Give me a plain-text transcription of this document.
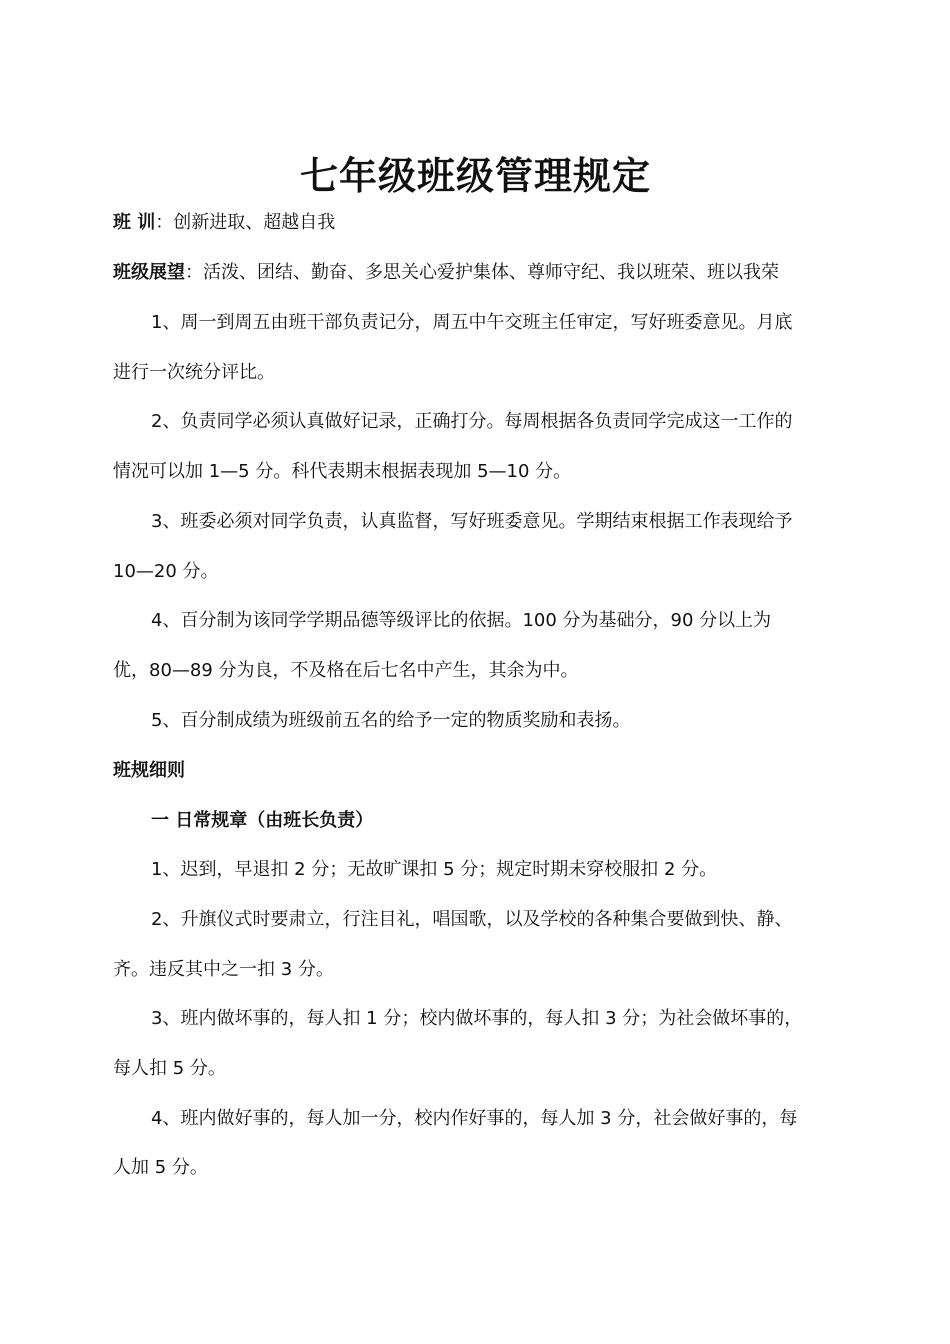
七年级班级管理规定

班 训：创新进取、超越自我

班级展望：活泼、团结、勤奋、多思关心爱护集体、尊师守纪、我以班荣、班以我荣

1、周一到周五由班干部负责记分，周五中午交班主任审定，写好班委意见。月底

进行一次统分评比。

2、负责同学必须认真做好记录，正确打分。每周根据各负责同学完成这一工作的

情况可以加 1—5 分。科代表期末根据表现加 5—10 分。

3、班委必须对同学负责，认真监督，写好班委意见。学期结束根据工作表现给予

10—20 分。

4、百分制为该同学学期品德等级评比的依据。100 分为基础分，90 分以上为

优，80—89 分为良，不及格在后七名中产生，其余为中。

5、百分制成绩为班级前五名的给予一定的物质奖励和表扬。

班规细则

一 日常规章（由班长负责）

1、迟到，早退扣 2 分；无故旷课扣 5 分；规定时期未穿校服扣 2 分。

2、升旗仪式时要肃立，行注目礼，唱国歌，以及学校的各种集合要做到快、静、

齐。违反其中之一扣 3 分。

3、班内做坏事的，每人扣 1 分；校内做坏事的，每人扣 3 分；为社会做坏事的，

每人扣 5 分。

4、班内做好事的，每人加一分，校内作好事的，每人加 3 分，社会做好事的，每

人加 5 分。
